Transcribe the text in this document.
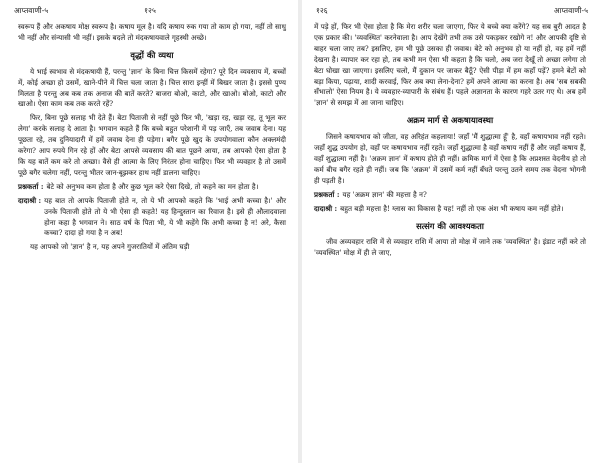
आप्तवाणी-५	१२५

स्वरूप हैं और अकषाय मोक्ष स्वरूप है। कषाय मूल है। यदि कषाय रुक गया तो काम हो गया, नहीं तो साधु भी नहीं और संन्यासी भी नहीं। इसके बदले तो मंदकषायवाले गृहस्थी अच्छे।

वृद्धों की व्यथा

ये भाई स्वभाव से मंदकषायी हैं, परन्तु 'ज्ञान' के बिना चित्त किसमें रहेगा? पूरे दिन व्यवसाय में, बच्चों में, कोई अच्छा हो उसमें, खाने-पीने में चित्त चला जाता है। चित्त सारा इन्हीं में बिखर जाता है। इससे पुण्य मिलता है परन्तु अब कब तक अनाज की बातें करते? बाजरा बोओ, काटो, और खाओ। बोओ, काटो और खाओ। ऐसा काम कब तक करते रहें?

फिर, बिना पूछे सलाह भी देते हैं। बेटा पिताजी से नहीं पूछे फिर भी, 'खड़ा रह, खड़ा रह, तू भूल कर लेगा' करके सलाह दे आता है। भगवान कहते हैं कि बच्चे बहुत परेशानी में पड़ जाएँ, तब जवाब देना। यह पूछता रहे, तब दुनियादारी में हमें जवाब देना ही पड़ेगा। बगैर पूछे खुद के उपयोगवाला कौन अक्लमंदी करेगा? आप रुपये गिन रहे हों और बेटा आपसे व्यवसाय की बात पूछने आया, तब आपको ऐसा होता है कि यह बातें कम करे तो अच्छा। वैसे ही आत्मा के लिए निरंतर होना चाहिए। फिर भी व्यवहार है तो उसमें पूछे बगैर चलेगा नहीं, परन्तु भीतर जान-बूझकर हाथ नहीं डालना चाहिए।

प्रश्नकर्ता : बेटे को अनुभव कम होता है और कुछ भूल करे ऐसा दिखे, तो कहने का मन होता है।
दादाश्री : यह बात तो आपके पिताजी होते न, तो ये भी आपको कहते कि 'भाई अभी कच्चा है।' और उनके पिताजी होते तो ये भी ऐसा ही कहते! यह हिन्दुस्तान का रिवाज है। इसे ही औलादवाला होना कहा है भगवान ने। साठ वर्ष के पिता भी, ये भी कहेंगे कि अभी कच्चा है न! अरे, कैसा कच्चा? दादा हो गया है न अब!

यह आपको जो 'ज्ञान' है न, यह अपने गुजरातियों में अंतिम घड़ी

१२६	आप्तवाणी-५

में पड़े हों, फिर भी ऐसा होता है कि मेरा शरीर चला जाएगा, फिर ये बच्चे क्या करेंगे? यह सब बुरी आदत है एक प्रकार की। 'व्यवस्थित' करनेवाला है। आप देखेंगे तभी तक उसे पकड़कर रखोगे न! और आपकी दृष्टि से बाहर चला जाए तब? इसलिए, हम भी पूछे उसका ही जवाब। बेटे को अनुभव हो या नहीं हो, वह हमें नहीं देखना है। व्यापार कर रहा हो, तब कभी मन ऐसा भी कहता है कि चलो, अब जरा देखूँ तो अच्छा लगेगा तो बेटा घोखा खा जाएगा। इसलिए चलो, मैं दुकान पर जाकर बैठूँ? ऐसी पीड़ा में हम कहाँ पड़ें? हमने बेटों को बड़ा किया, पढ़ाया, शादी करवाई, फिर अब क्या लेना-देना? हमें अपने आत्मा का करना है। अब 'सब सबकी सँभालो' ऐसा नियम है। ये व्यवहार-व्यापारी के संबंध हैं। पहले अज्ञानता के कारण गहरे उतर गए थे। अब हमें 'ज्ञान' से समझ में आ जाना चाहिए।

अक्रम मार्ग से अकषायावस्था

जिसने कषायभाव को जीता, वह अरिहंत कहलाया! जहाँ 'मैं शुद्धात्मा हूँ' है, वहाँ कषायभाव नहीं रहते। जहाँ शुद्ध उपयोग हो, वहाँ पर कषायभाव नहीं रहते। जहाँ शुद्धात्मा है वहाँ कषाय नहीं हैं और जहाँ कषाय हैं, वहाँ शुद्धात्मा नहीं है। 'अक्रम ज्ञान' में कषाय होते ही नहीं। क्रमिक मार्ग में ऐसा है कि अप्रशस्त वेदनीय हो तो कर्म बीच बगैर रहते ही नहीं। जब कि 'अक्रम' में उसमें कर्म नहीं बँधते परन्तु उतने समय तक वेदना भोगनी ही पड़ती है।

प्रश्नकर्ता : यह 'अक्रम ज्ञान' की महत्ता है न?
दादाश्री : बहुत बड़ी महत्ता है! ग्लास का विकास है यह! नहीं तो एक अंश भी कषाय कम नहीं होते।
सत्संग की आवश्यकता

जीव अव्यवहार राशि में से व्यवहार राशि में आया तो मोक्ष में जाने तक 'व्यवस्थित' है। इंडाट नहीं करे तो 'व्यवस्थित' मोक्ष में ही ले जाए,
